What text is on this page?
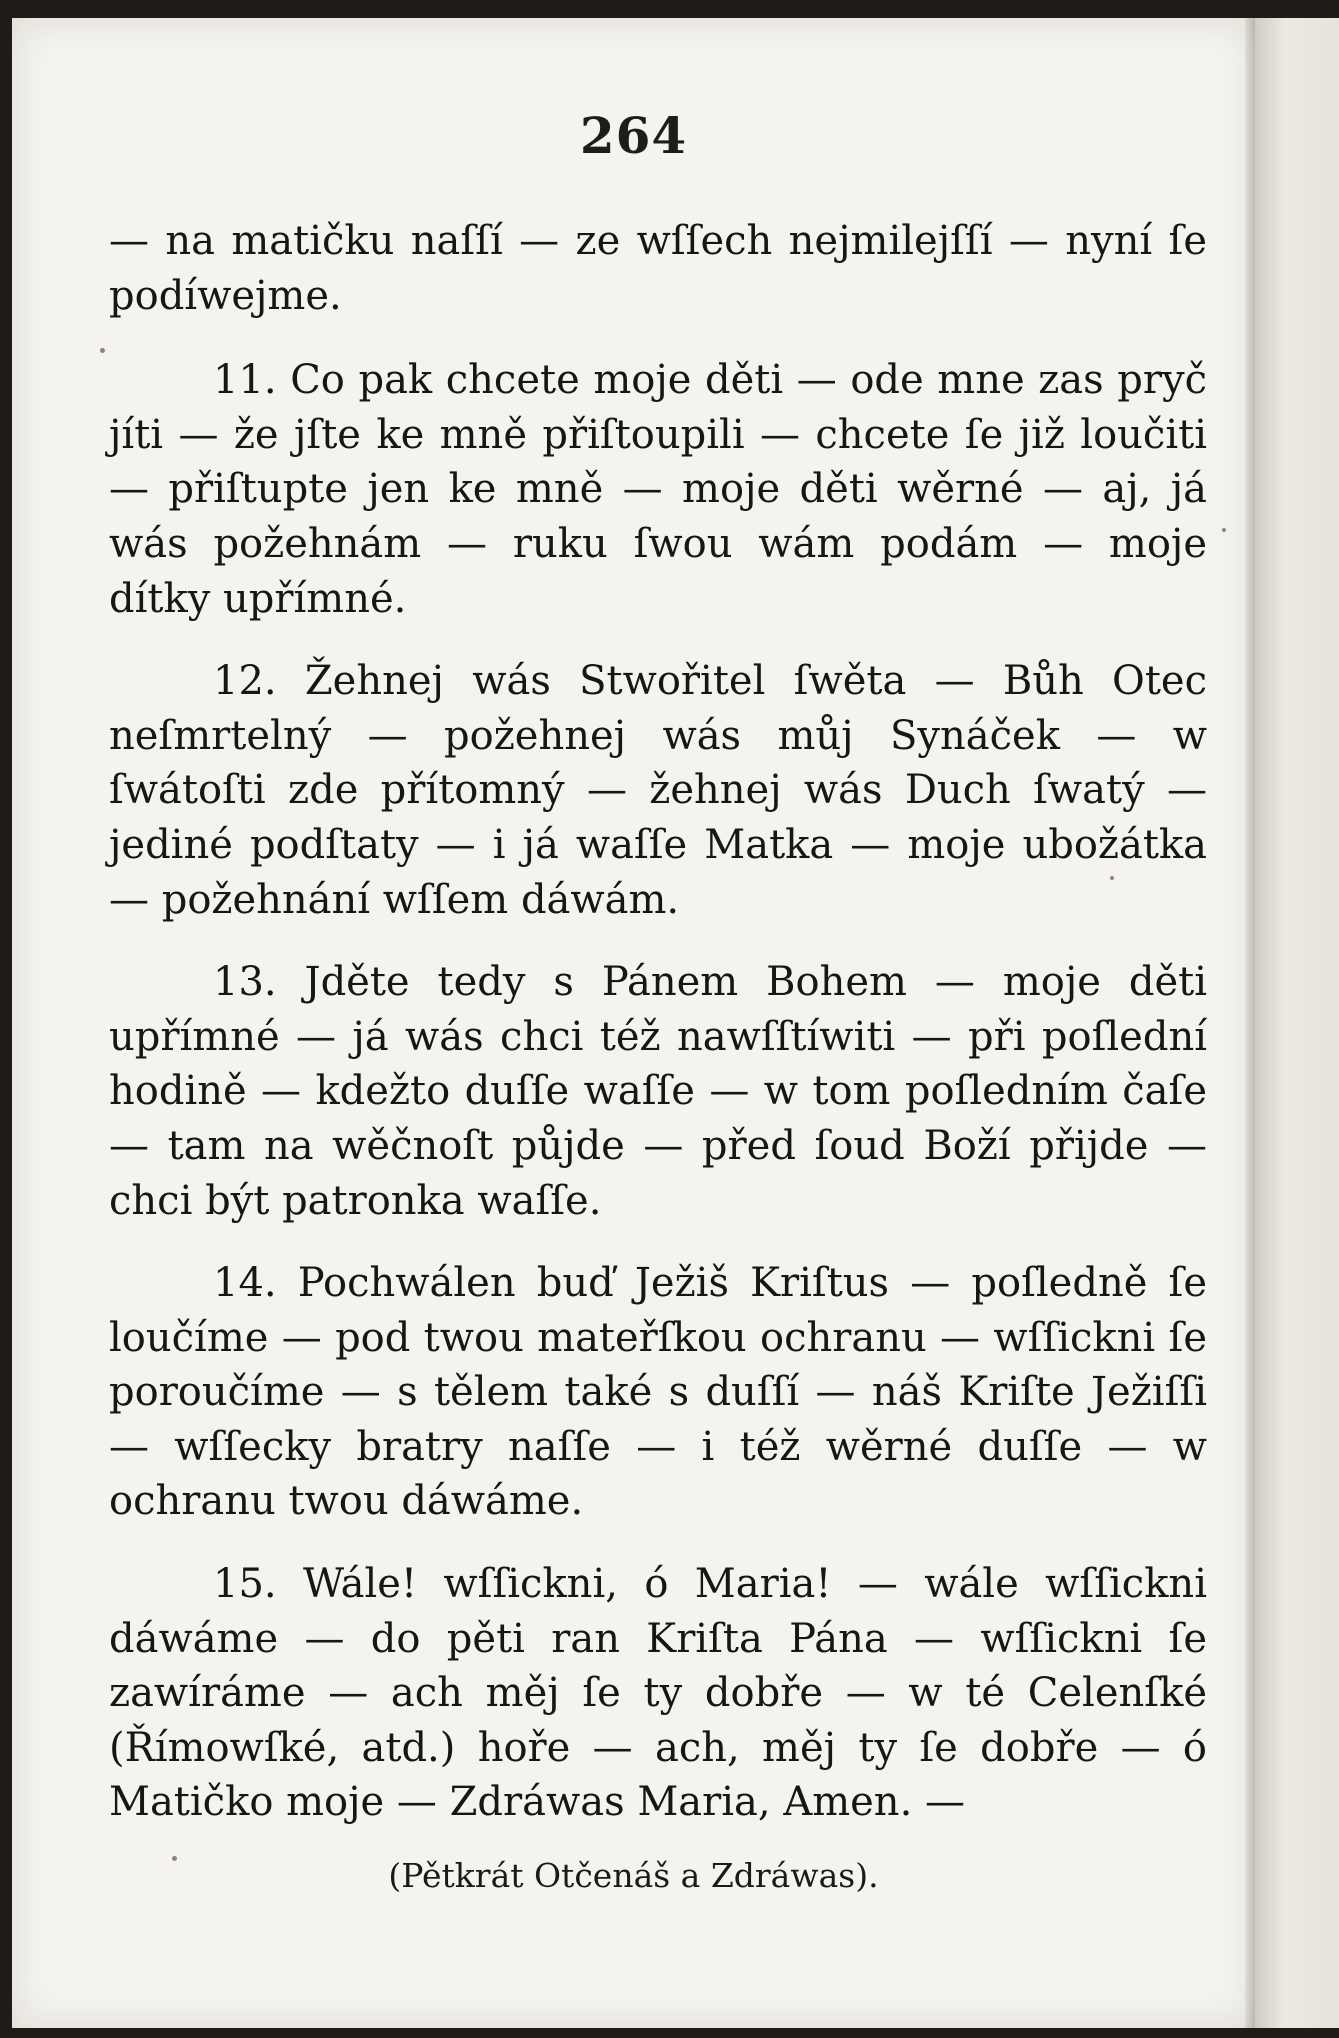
264

— na matičku naſſí — ze wſſech nejmilejſſí — nyní ſe podíwejme.

11. Co pak chcete moje děti — ode mne zas pryč jíti — že jſte ke mně přiſtoupili — chcete ſe již loučiti — přiſtupte jen ke mně — moje děti wěrné — aj, já wás požehnám — ruku ſwou wám podám — moje dítky upřímné.

12. Žehnej wás Stwořitel ſwěta — Bůh Otec neſmrtelný — požehnej wás můj Synáček — w ſwátoſti zde přítomný — žehnej wás Duch ſwatý — jediné podſtaty — i já waſſe Matka — moje ubožátka — požehnání wſſem dáwám.

13. Jděte tedy s Pánem Bohem — moje děti upřímné — já wás chci též nawſſtíwiti — při poſlední hodině — kdežto duſſe waſſe — w tom poſledním čaſe — tam na wěčnoſt půjde — před ſoud Boží přijde — chci být patronka waſſe.

14. Pochwálen buď Ježiš Kriſtus — poſledně ſe loučíme — pod twou mateřſkou ochranu — wſſickni ſe poroučíme — s tělem také s duſſí — náš Kriſte Ježiſſi — wſſecky bratry naſſe — i též wěrné duſſe — w ochranu twou dáwáme.

15. Wále! wſſickni, ó Maria! — wále wſſickni dáwáme — do pěti ran Kriſta Pána — wſſickni ſe zawíráme — ach měj ſe ty dobře — w té Celenſké (Římowſké, atd.) hoře — ach, měj ty ſe dobře — ó Matičko moje — Zdráwas Maria, Amen. —

(Pětkrát Otčenáš a Zdráwas).
